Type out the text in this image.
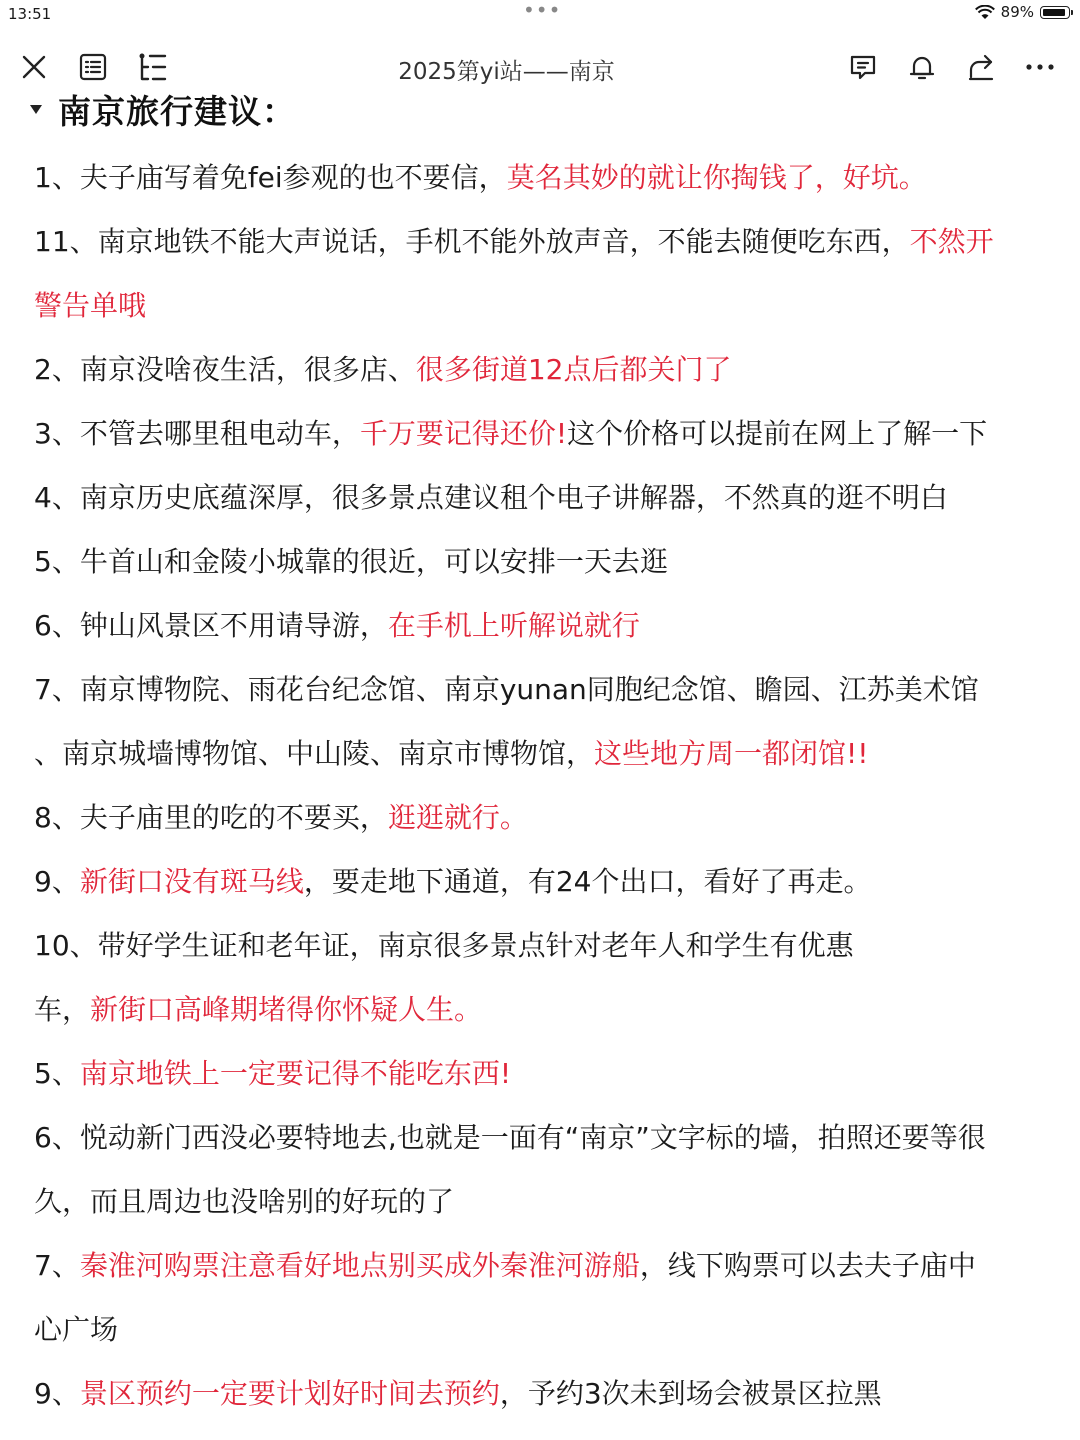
13:51	•••	89%
2025第yi站——南京
南京旅行建议：

1、夫子庙写着免fei参观的也不要信，莫名其妙的就让你掏钱了，好坑。

11、南京地铁不能大声说话，手机不能外放声音，不能去随便吃东西，不然开

警告单哦

2、南京没啥夜生活，很多店、很多街道12点后都关门了

3、不管去哪里租电动车，千万要记得还价!这个价格可以提前在网上了解一下

4、南京历史底蕴深厚，很多景点建议租个电子讲解器，不然真的逛不明白

5、牛首山和金陵小城靠的很近，可以安排一天去逛

6、钟山风景区不用请导游，在手机上听解说就行

7、南京博物院、雨花台纪念馆、南京yunan同胞纪念馆、瞻园、江苏美术馆

、南京城墙博物馆、中山陵、南京市博物馆，这些地方周一都闭馆!!

8、夫子庙里的吃的不要买，逛逛就行。

9、新街口没有斑马线，要走地下通道，有24个出口，看好了再走。

10、带好学生证和老年证，南京很多景点针对老年人和学生有优惠

车，新街口高峰期堵得你怀疑人生。

5、南京地铁上一定要记得不能吃东西!

6、悦动新门西没必要特地去,也就是一面有“南京”文字标的墙，拍照还要等很

久，而且周边也没啥别的好玩的了

7、秦淮河购票注意看好地点别买成外秦淮河游船，线下购票可以去夫子庙中

心广场

9、景区预约一定要计划好时间去预约，予约3次未到场会被景区拉黑
